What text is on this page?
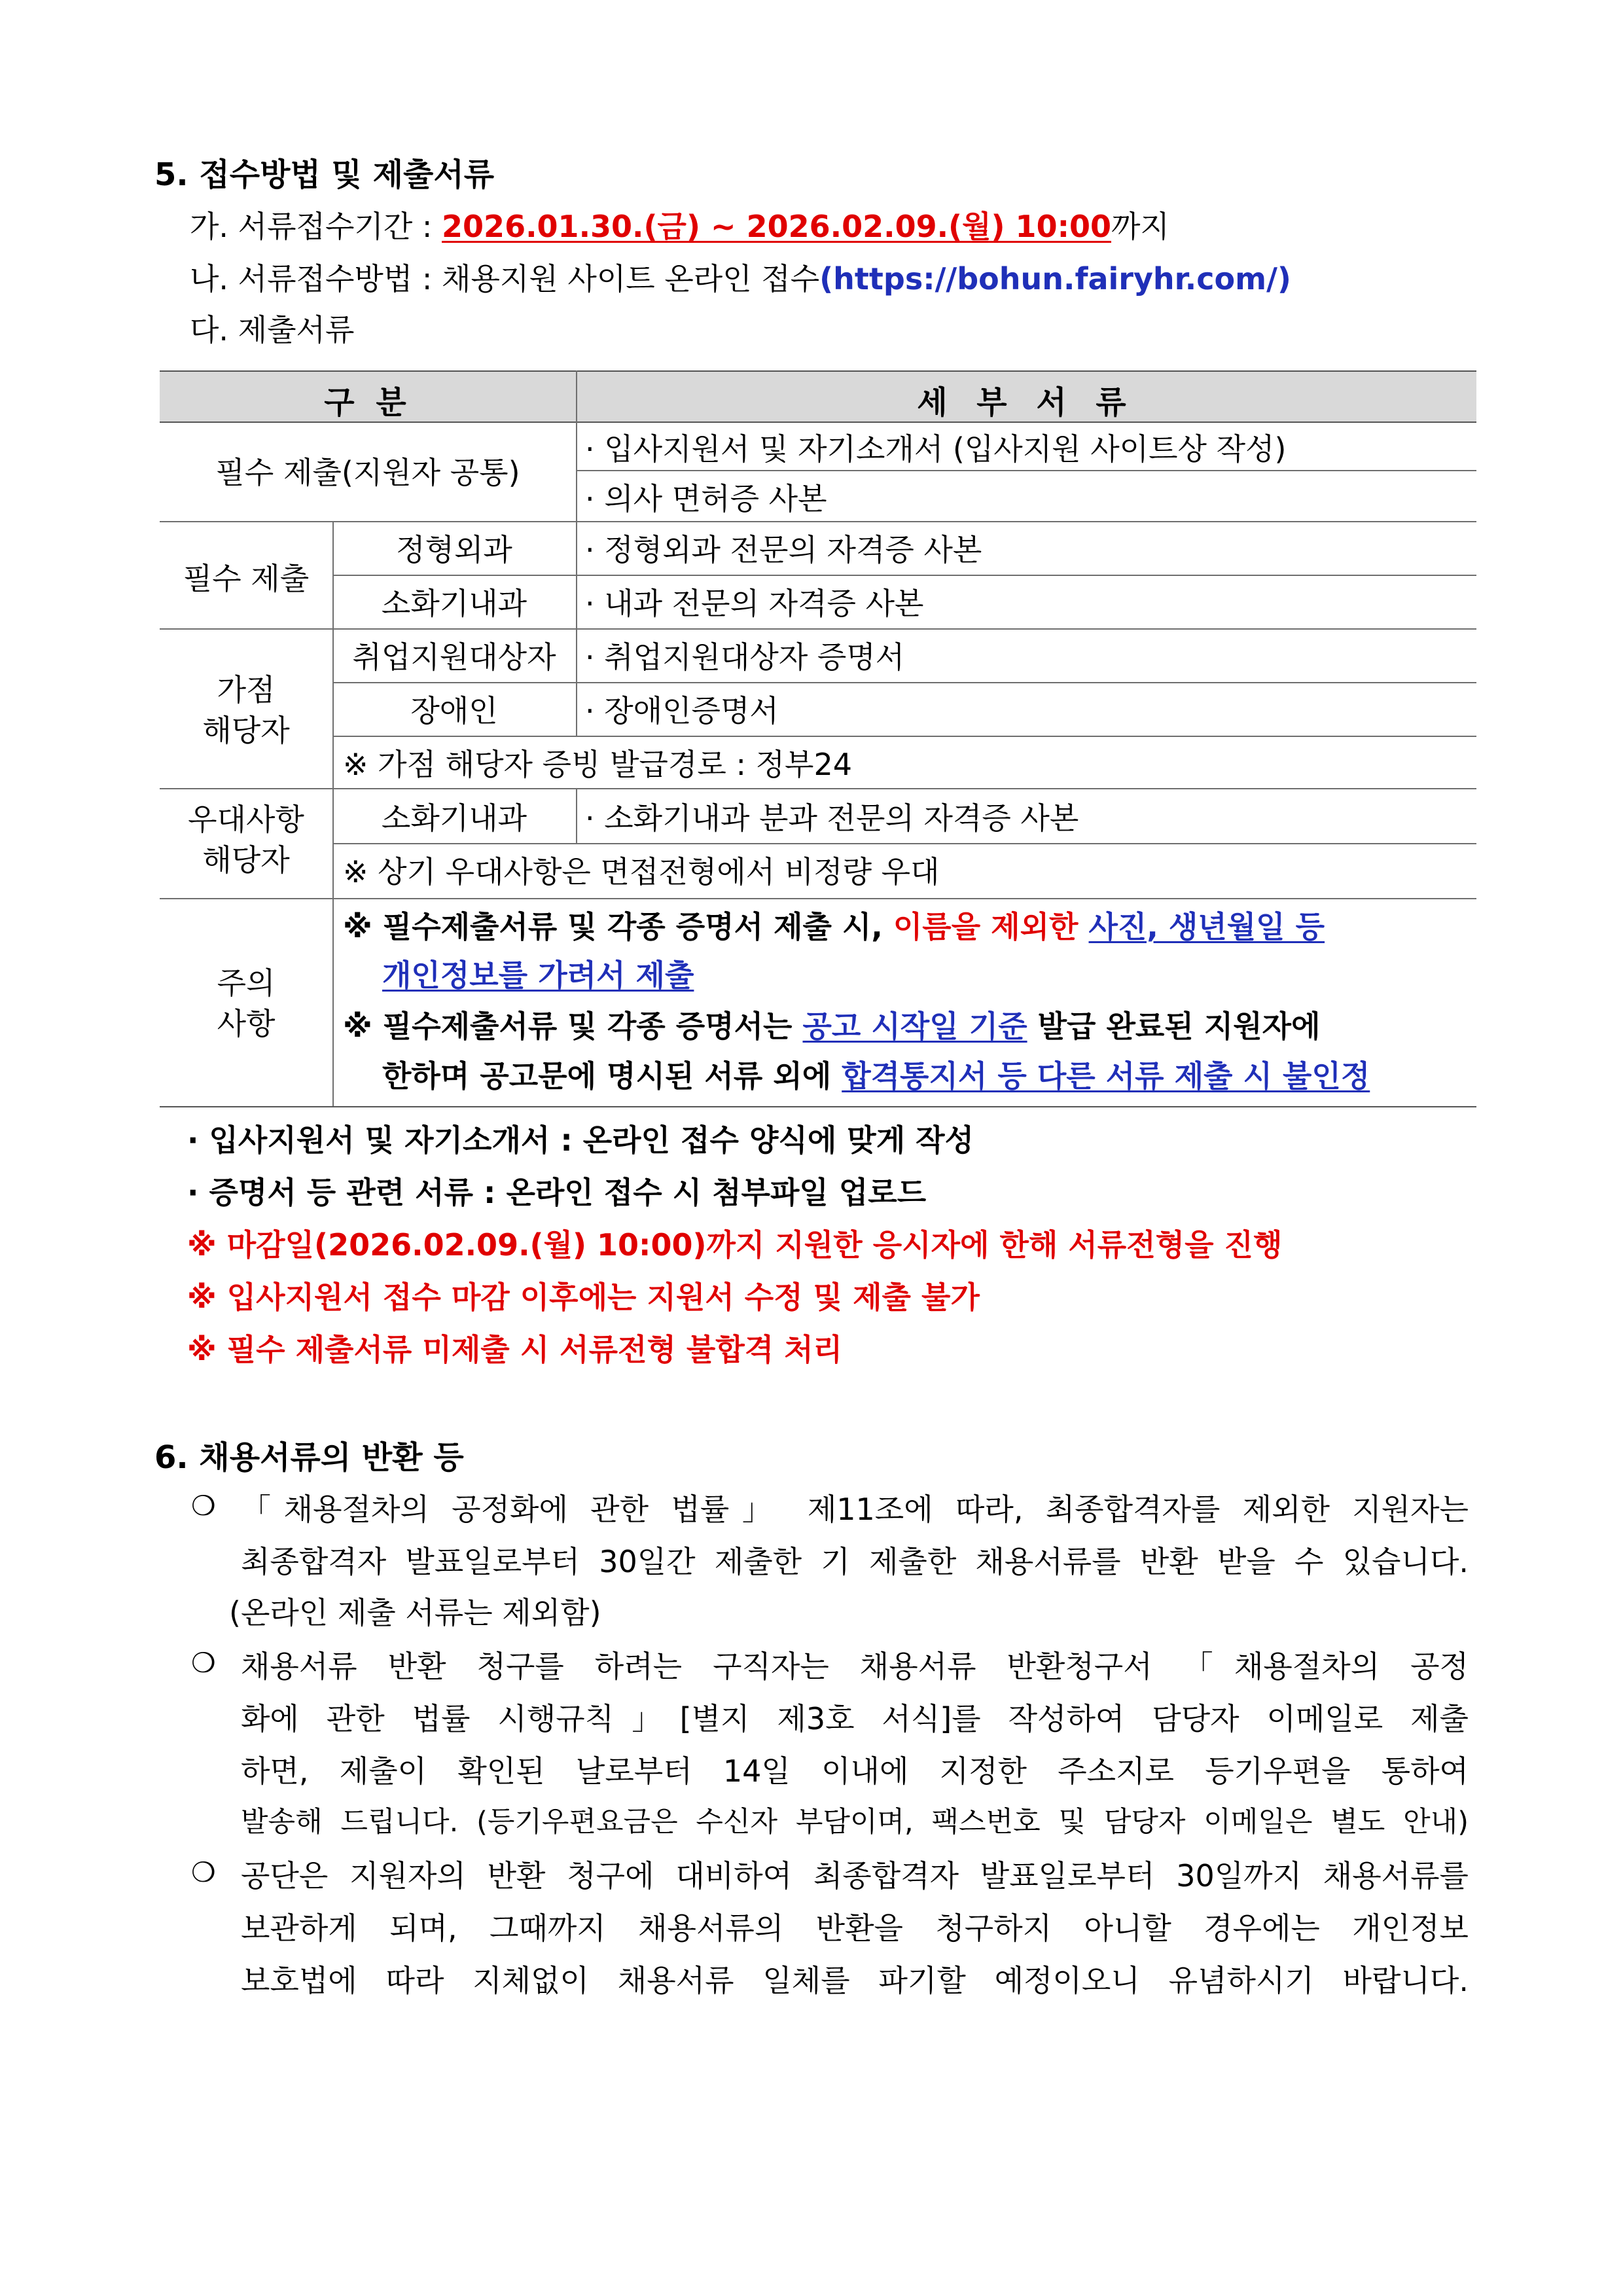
5. 접수방법 및 제출서류
가. 서류접수기간 : 2026.01.30.(금) ~ 2026.02.09.(월) 10:00까지
나. 서류접수방법 : 채용지원 사이트 온라인 접수(https://bohun.fairyhr.com/)
다. 제출서류
구 분	세 부 서 류
필수 제출(지원자 공통)
· 입사지원서 및 자기소개서 (입사지원 사이트상 작성)
· 의사 면허증 사본
필수 제출
정형외과	· 정형외과 전문의 자격증 사본
소화기내과	· 내과 전문의 자격증 사본
가점
해당자
취업지원대상자 · 취업지원대상자 증명서
장애인	· 장애인증명서
※ 가점 해당자 증빙 발급경로 : 정부24
우대사항
해당자
소화기내과	· 소화기내과 분과 전문의 자격증 사본
※ 상기 우대사항은 면접전형에서 비정량 우대
주의
사항
※ 필수제출서류 및 각종 증명서 제출 시, 이름을 제외한 사진, 생년월일 등
개인정보를 가려서 제출
※ 필수제출서류 및 각종 증명서는 공고 시작일 기준 발급 완료된 지원자에
한하며 공고문에 명시된 서류 외에 합격통지서 등 다른 서류 제출 시 불인정
· 입사지원서 및 자기소개서 : 온라인 접수 양식에 맞게 작성
· 증명서 등 관련 서류 : 온라인 접수 시 첨부파일 업로드
※ 마감일(2026.02.09.(월) 10:00)까지 지원한 응시자에 한해 서류전형을 진행
※ 입사지원서 접수 마감 이후에는 지원서 수정 및 제출 불가
※ 필수 제출서류 미제출 시 서류전형 불합격 처리
6. 채용서류의 반환 등
❍ 「채용절차의 공정화에 관한 법률」 제11조에 따라, 최종합격자를 제외한 지원자는
최종합격자 발표일로부터 30일간 제출한 기 제출한 채용서류를 반환 받을 수 있습니다.
(온라인 제출 서류는 제외함)
❍ 채용서류 반환 청구를 하려는 구직자는 채용서류 반환청구서 「채용절차의 공정
화에 관한 법률 시행규칙」[별지 제3호 서식]를 작성하여 담당자 이메일로 제출
하면, 제출이 확인된 날로부터 14일 이내에 지정한 주소지로 등기우편을 통하여
발송해 드립니다. (등기우편요금은 수신자 부담이며, 팩스번호 및 담당자 이메일은 별도 안내)
❍ 공단은 지원자의 반환 청구에 대비하여 최종합격자 발표일로부터 30일까지 채용서류를
보관하게 되며, 그때까지 채용서류의 반환을 청구하지 아니할 경우에는 개인정보
보호법에 따라 지체없이 채용서류 일체를 파기할 예정이오니 유념하시기 바랍니다.
